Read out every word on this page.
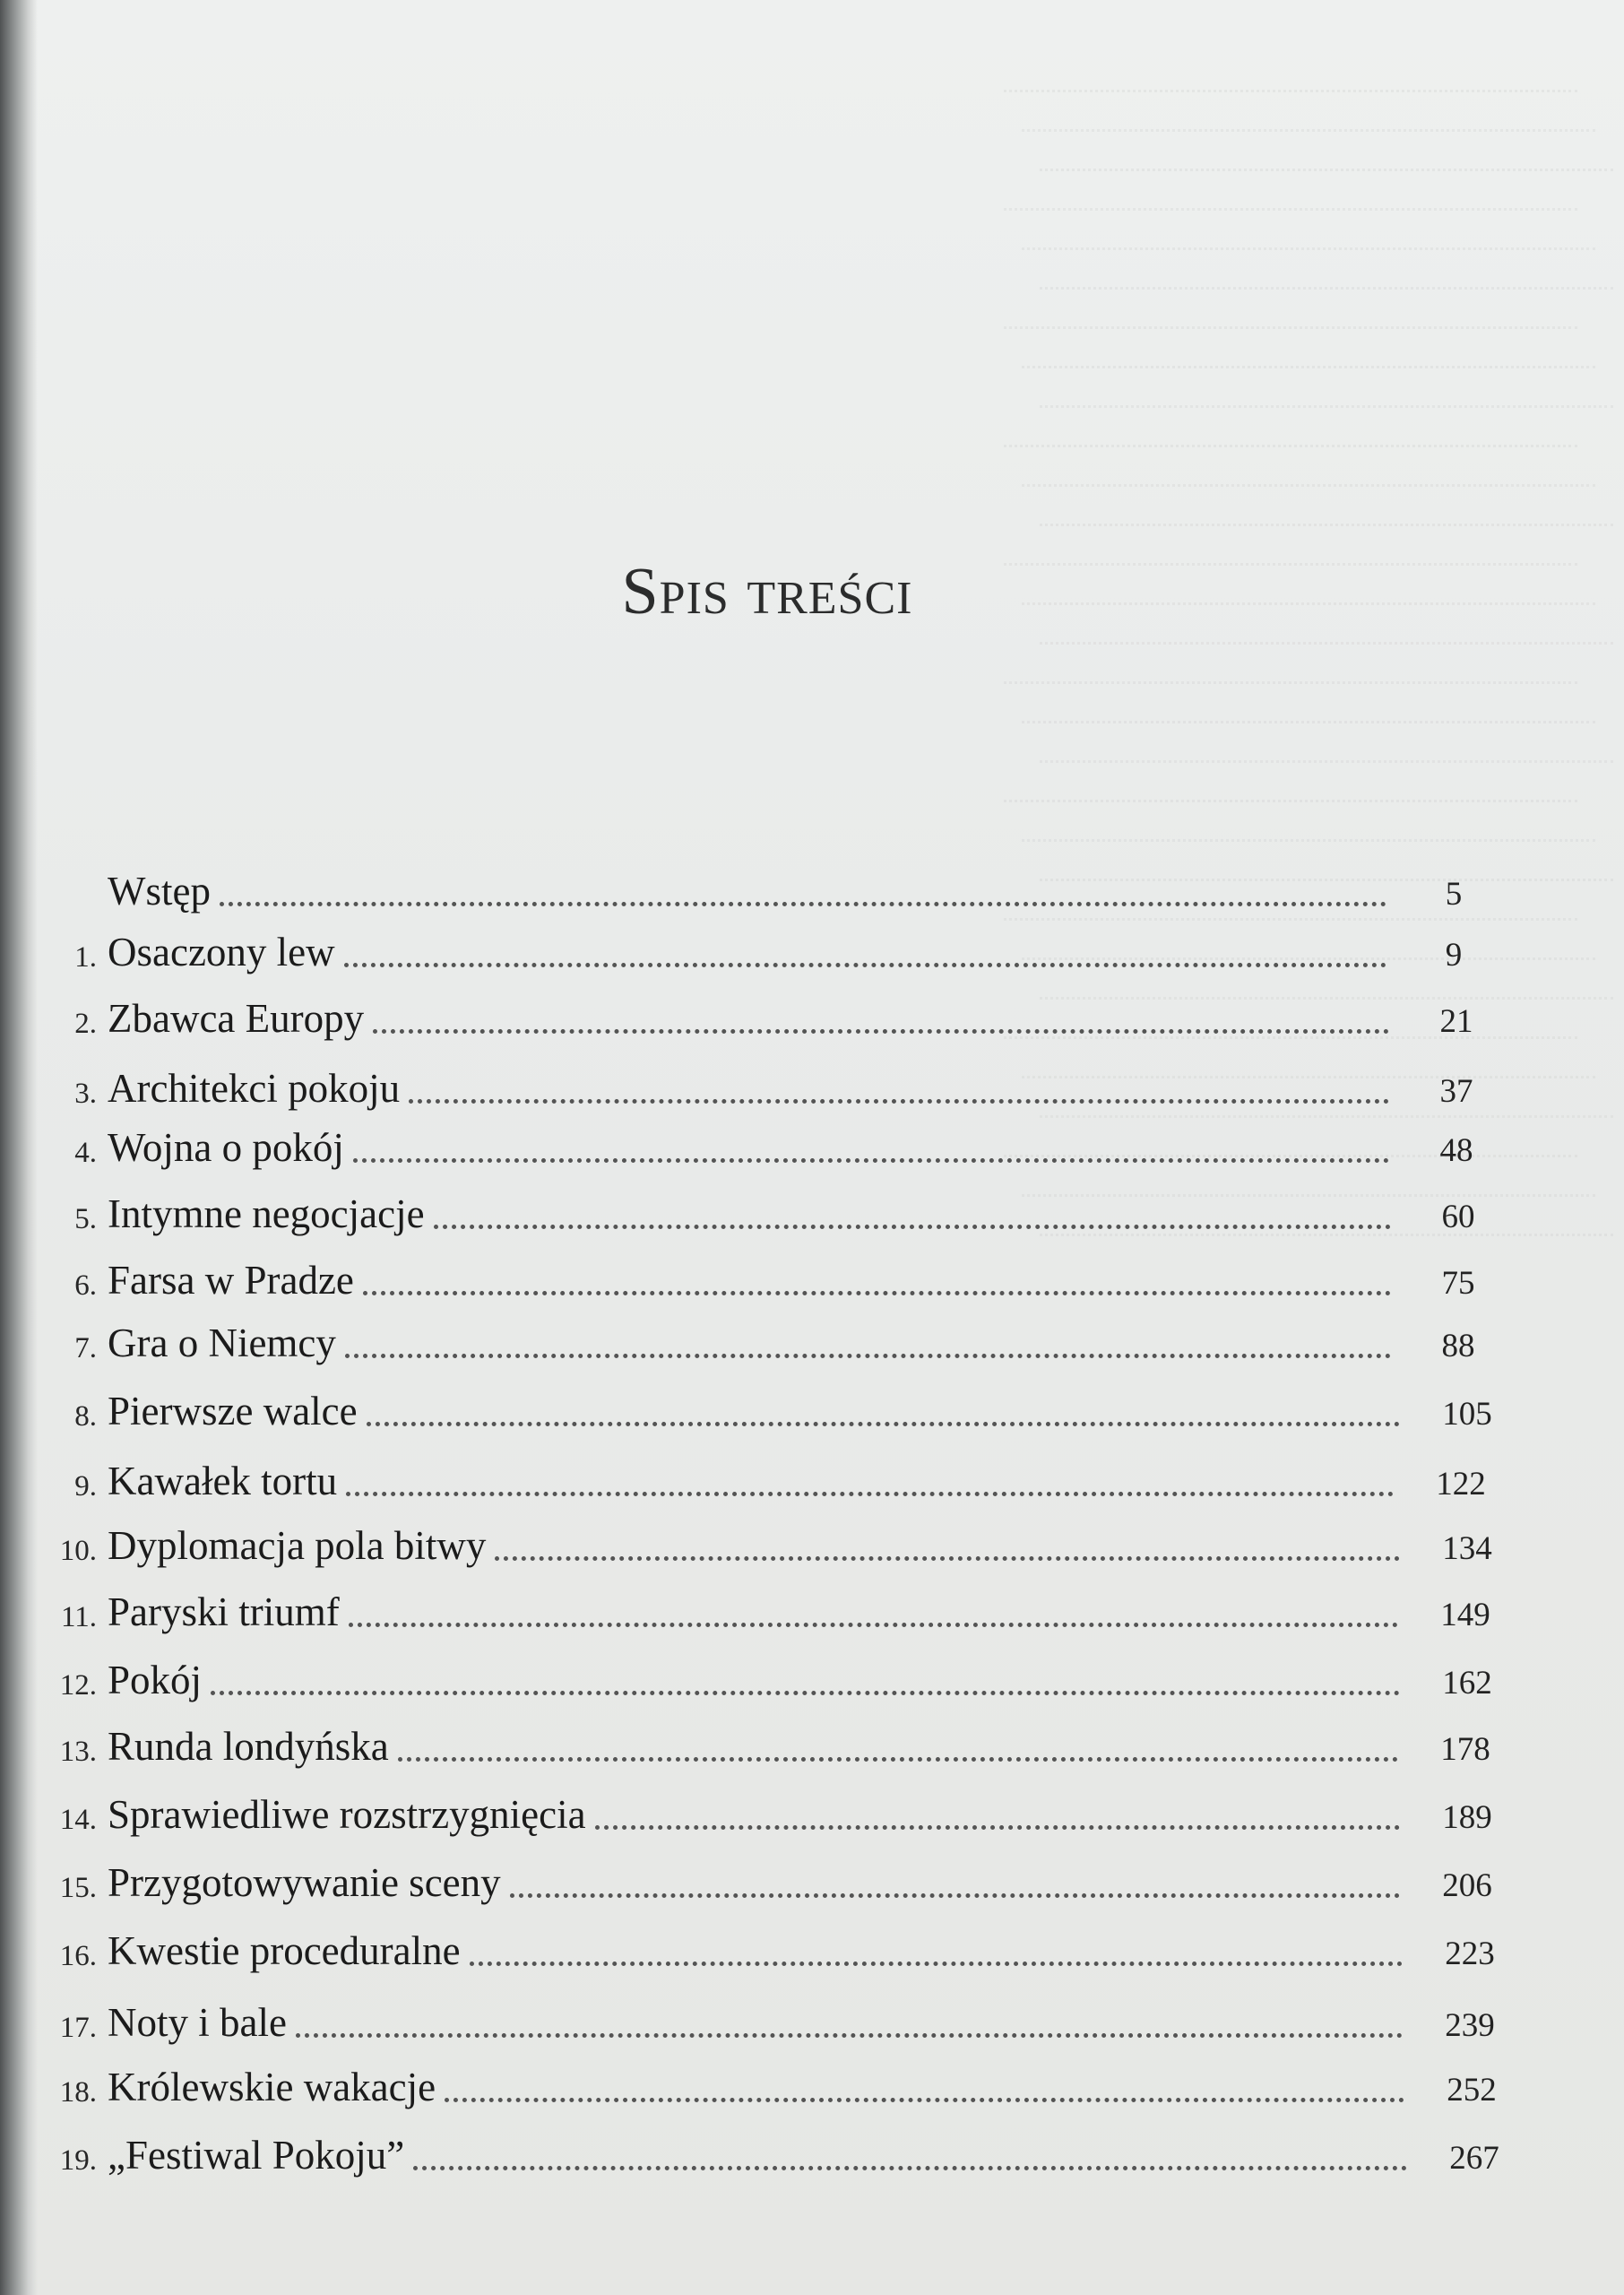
Spis treści
Wstęp	5
1. Osaczony lew	9
2. Zbawca Europy	21
3. Architekci pokoju	37
4. Wojna o pokój	48
5. Intymne negocjacje	60
6. Farsa w Pradze	75
7. Gra o Niemcy	88
8. Pierwsze walce	105
9. Kawałek tortu	122
10. Dyplomacja pola bitwy	134
11. Paryski triumf	149
12. Pokój	162
13. Runda londyńska	178
14. Sprawiedliwe rozstrzygnięcia	189
15. Przygotowywanie sceny	206
16. Kwestie proceduralne	223
17. Noty i bale	239
18. Królewskie wakacje	252
19. „Festiwal Pokoju”	267
